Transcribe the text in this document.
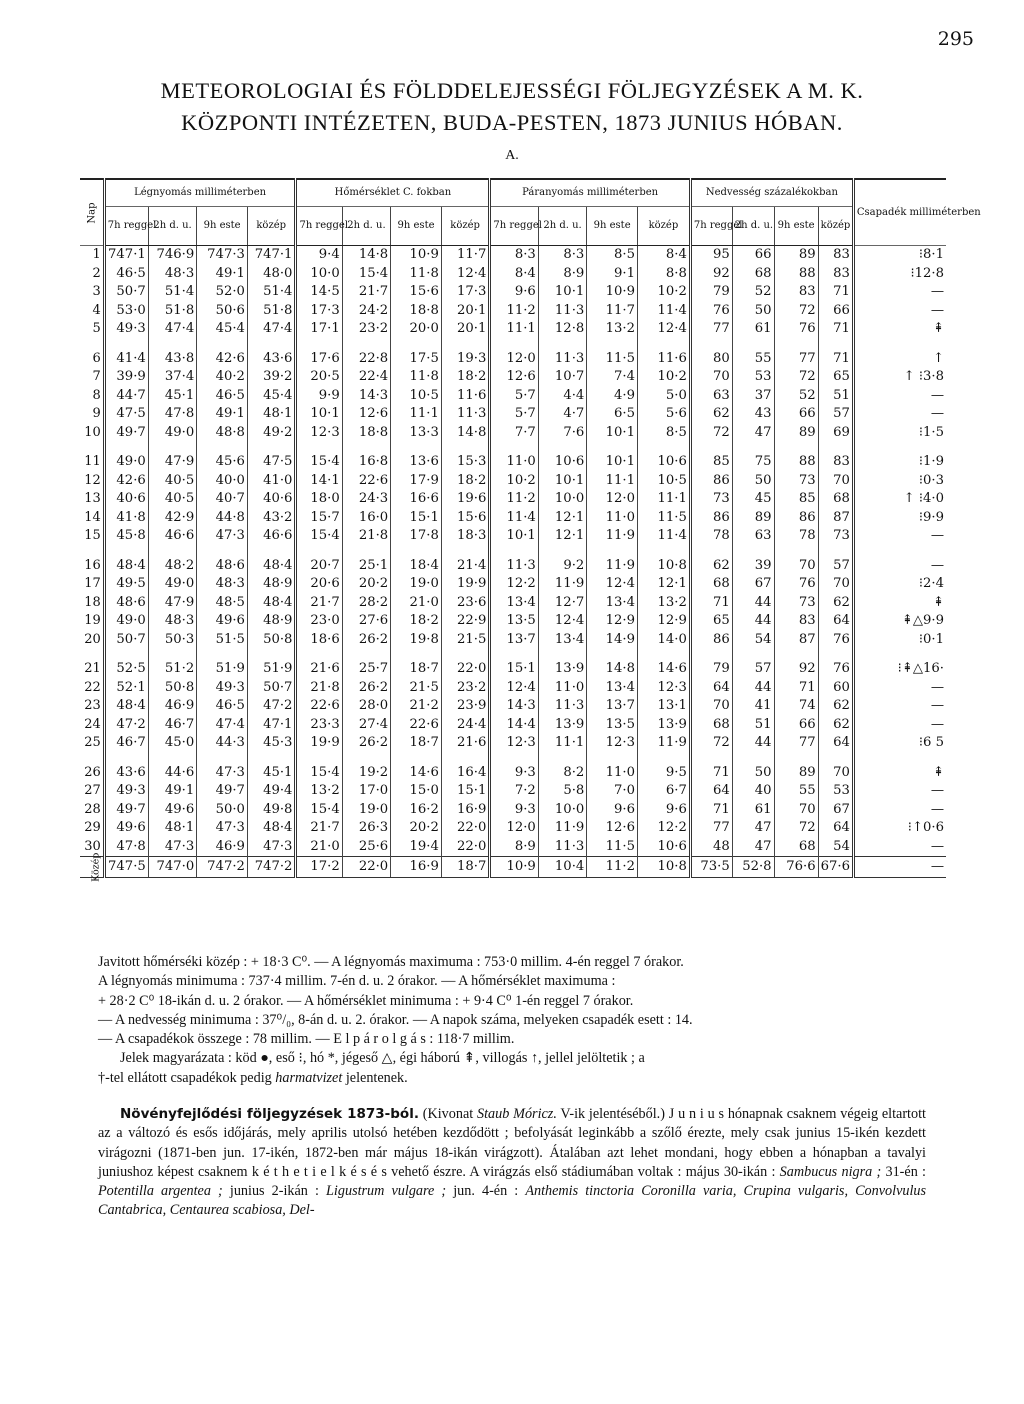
295
METEOROLOGIAI ÉS FÖLDDELEJESSÉGI FÖLJEGYZÉSEK A M. K.
KÖZPONTI INTÉZETEN, BUDA-PESTEN, 1873 JUNIUS HÓBAN.
A.
Nap	Légnyomás milliméterben				Hőmérséklet C. fokban				Páranyomás milliméterben				Nedvesség százalékokban				Csapadék milliméterben
	7h reggel	2h d. u.	9h este	közép	7h reggel	2h d. u.	9h este	közép	7h reggel	2h d. u.	9h este	közép	7h reggel	2h d. u.	9h este	közép	
1	747·1	746·9	747·3	747·1	9·4	14·8	10·9	11·7	8·3	8·3	8·5	8·4	95	66	89	83	⁝8·1
2	46·5	48·3	49·1	48·0	10·0	15·4	11·8	12·4	8·4	8·9	9·1	8·8	92	68	88	83	⁝12·8
3	50·7	51·4	52·0	51·4	14·5	21·7	15·6	17·3	9·6	10·1	10·9	10·2	79	52	83	71	—
4	53·0	51·8	50·6	51·8	17·3	24·2	18·8	20·1	11·2	11·3	11·7	11·4	76	50	72	66	—
5	49·3	47·4	45·4	47·4	17·1	23·2	20·0	20·1	11·1	12·8	13·2	12·4	77	61	76	71	⇞

6	41·4	43·8	42·6	43·6	17·6	22·8	17·5	19·3	12·0	11·3	11·5	11·6	80	55	77	71	↑
7	39·9	37·4	40·2	39·2	20·5	22·4	11·8	18·2	12·6	10·7	7·4	10·2	70	53	72	65	↑ ⁝3·8
8	44·7	45·1	46·5	45·4	9·9	14·3	10·5	11·6	5·7	4·4	4·9	5·0	63	37	52	51	—
9	47·5	47·8	49·1	48·1	10·1	12·6	11·1	11·3	5·7	4·7	6·5	5·6	62	43	66	57	—
10	49·7	49·0	48·8	49·2	12·3	18·8	13·3	14·8	7·7	7·6	10·1	8·5	72	47	89	69	⁝1·5

11	49·0	47·9	45·6	47·5	15·4	16·8	13·6	15·3	11·0	10·6	10·1	10·6	85	75	88	83	⁝1·9
12	42·6	40·5	40·0	41·0	14·1	22·6	17·9	18·2	10·2	10·1	11·1	10·5	86	50	73	70	⁝0·3
13	40·6	40·5	40·7	40·6	18·0	24·3	16·6	19·6	11·2	10·0	12·0	11·1	73	45	85	68	↑ ⁝4·0
14	41·8	42·9	44·8	43·2	15·7	16·0	15·1	15·6	11·4	12·1	11·0	11·5	86	89	86	87	⁝9·9
15	45·8	46·6	47·3	46·6	15·4	21·8	17·8	18·3	10·1	12·1	11·9	11·4	78	63	78	73	—

16	48·4	48·2	48·6	48·4	20·7	25·1	18·4	21·4	11·3	9·2	11·9	10·8	62	39	70	57	—
17	49·5	49·0	48·3	48·9	20·6	20·2	19·0	19·9	12·2	11·9	12·4	12·1	68	67	76	70	⁝2·4
18	48·6	47·9	48·5	48·4	21·7	28·2	21·0	23·6	13·4	12·7	13·4	13·2	71	44	73	62	⇞
19	49·0	48·3	49·6	48·9	23·0	27·6	18·2	22·9	13·5	12·4	12·9	12·9	65	44	83	64	⇞△9·9
20	50·7	50·3	51·5	50·8	18·6	26·2	19·8	21·5	13·7	13·4	14·9	14·0	86	54	87	76	⁝0·1

21	52·5	51·2	51·9	51·9	21·6	25·7	18·7	22·0	15·1	13·9	14·8	14·6	79	57	92	76	⁝⇞△16·
22	52·1	50·8	49·3	50·7	21·8	26·2	21·5	23·2	12·4	11·0	13·4	12·3	64	44	71	60	—
23	48·4	46·9	46·5	47·2	22·6	28·0	21·2	23·9	14·3	11·3	13·7	13·1	70	41	74	62	—
24	47·2	46·7	47·4	47·1	23·3	27·4	22·6	24·4	14·4	13·9	13·5	13·9	68	51	66	62	—
25	46·7	45·0	44·3	45·3	19·9	26·2	18·7	21·6	12·3	11·1	12·3	11·9	72	44	77	64	⁝6 5

26	43·6	44·6	47·3	45·1	15·4	19·2	14·6	16·4	9·3	8·2	11·0	9·5	71	50	89	70	⇞
27	49·3	49·1	49·7	49·4	13·2	17·0	15·0	15·1	7·2	5·8	7·0	6·7	64	40	55	53	—
28	49·7	49·6	50·0	49·8	15·4	19·0	16·2	16·9	9·3	10·0	9·6	9·6	71	61	70	67	—
29	49·6	48·1	47·3	48·4	21·7	26·3	20·2	22·0	12·0	11·9	12·6	12·2	77	47	72	64	⁝↑0·6
30	47·8	47·3	46·9	47·3	21·0	25·6	19·4	22·0	8·9	11·3	11·5	10·6	48	47	68	54	—
Közép	747·5	747·0	747·2	747·2	17·2	22·0	16·9	18·7	10·9	10·4	11·2	10·8	73·5	52·8	76·6	67·6	—

Javitott hőmérséki közép : + 18·3 C⁰. — A légnyomás maximuma : 753·0 millim. 4-én reggel 7 órakor.

A légnyomás minimuma : 737·4 millim. 7-én d. u. 2 órakor. — A hőmérséklet maximuma :

+ 28·2 C⁰ 18-ikán d. u. 2 órakor. — A hőmérséklet minimuma : + 9·4 C⁰ 1-én reggel 7 órakor.

— A nedvesség minimuma : 37⁰/₀, 8-án d. u. 2. órakor. — A napok száma, melyeken csapadék esett : 14.

— A csapadékok összege : 78 millim. — E l p á r o l g á s : 118·7 millim.

Jelek magyarázata : köd ●, eső ⁝, hó *, jégeső △, égi háború ⇞, villogás ↑, jellel jelöltetik ; a

†-tel ellátott csapadékok pedig harmatvizet jelentenek.

Növényfejlődési följegyzések 1873-ból. (Kivonat Staub Móricz. V-ik jelentéséből.) J u n i u s hónapnak csaknem végeig eltartott az a változó és esős időjárás, mely aprilis utolsó hetében kezdődött ; befolyását leginkább a szőlő érezte, mely csak junius 15-ikén kezdett virágozni (1871-ben jun. 17-ikén, 1872-ben már május 18-ikán virágzott). Átalában azt lehet mondani, hogy ebben a hónapban a tavalyi juniushoz képest csaknem k é t h e t i e l k é s é s vehető észre. A virágzás első stádiumában voltak : május 30-ikán : Sambucus nigra ; 31-én : Potentilla argentea ; junius 2-ikán : Ligustrum vulgare ; jun. 4-én : Anthemis tinctoria Coronilla varia, Crupina vulgaris, Convolvulus Cantabrica, Centaurea scabiosa, Del-
